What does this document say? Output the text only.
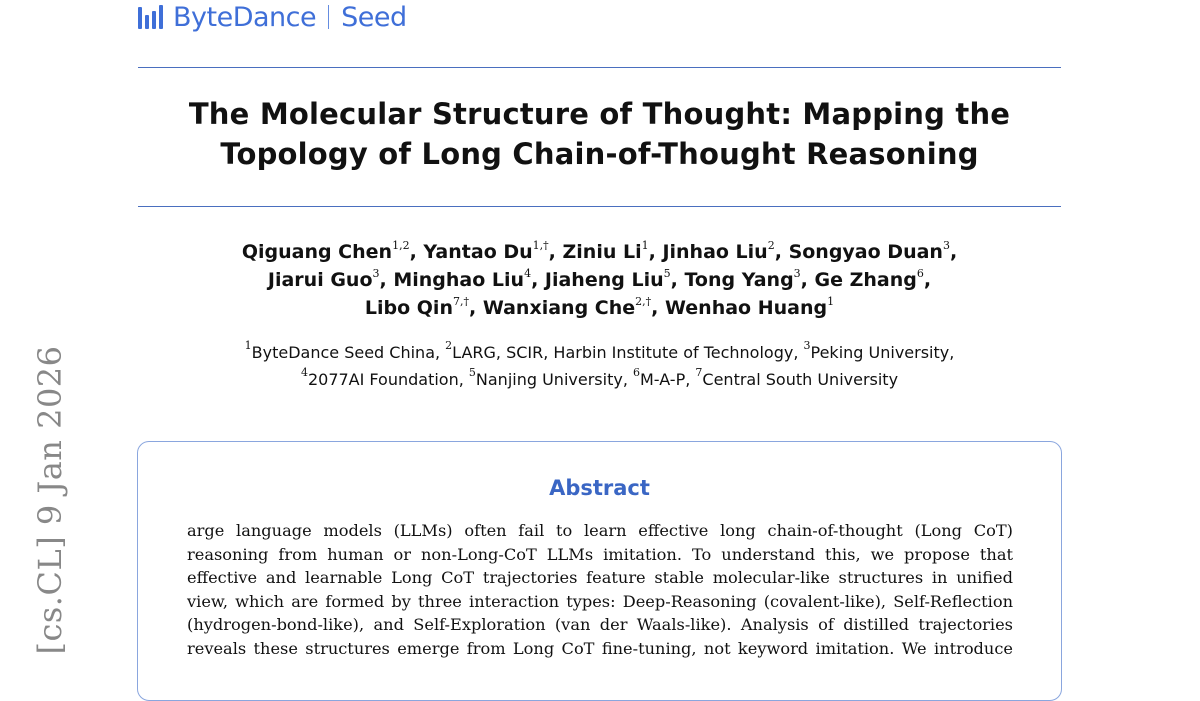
ByteDance Seed
The Molecular Structure of Thought: Mapping the
Topology of Long Chain-of-Thought Reasoning
Qiguang Chen$^{1,2}$, Yantao $Du^{1,\dagger}$, Ziniu Li$^1$, Jinhao Liu$^2$, Songyao Duan$^3$,
Jiarui Guo$^3$, Minghao Liu$^4$, Jiaheng Liu$^5$, Tong Yang$^3$, Ge Zhang$^6$,
Libo Qin$^{7,\dagger}$, Wanxiang Che$^{2,\dagger}$, Wenhao Huang$^1$
$^1$ByteDance Seed China, $^2$LARG, SCIR, Harbin Institute of Technology, $^3$Peking University,
$^4$2077AI Foundation, $^5$Nanjing University, $^6$M-A-P, $^7$Central South University
Abstract
arge language models (LLMs) often fail to learn effective long chain-of-thought (Long CoT)
reasoning from human or non-Long-CoT LLMs imitation. To understand this, we propose that
effective and learnable Long CoT trajectories feature stable molecular-like structures in unified
view, which are formed by three interaction types: Deep-Reasoning (covalent-like), Self-Reflection
(hydrogen-bond-like), and Self-Exploration (van der Waals-like). Analysis of distilled trajectories
reveals these structures emerge from Long CoT fine-tuning, not keyword imitation. We introduce
[cs.CL] 9 Jan 2026
